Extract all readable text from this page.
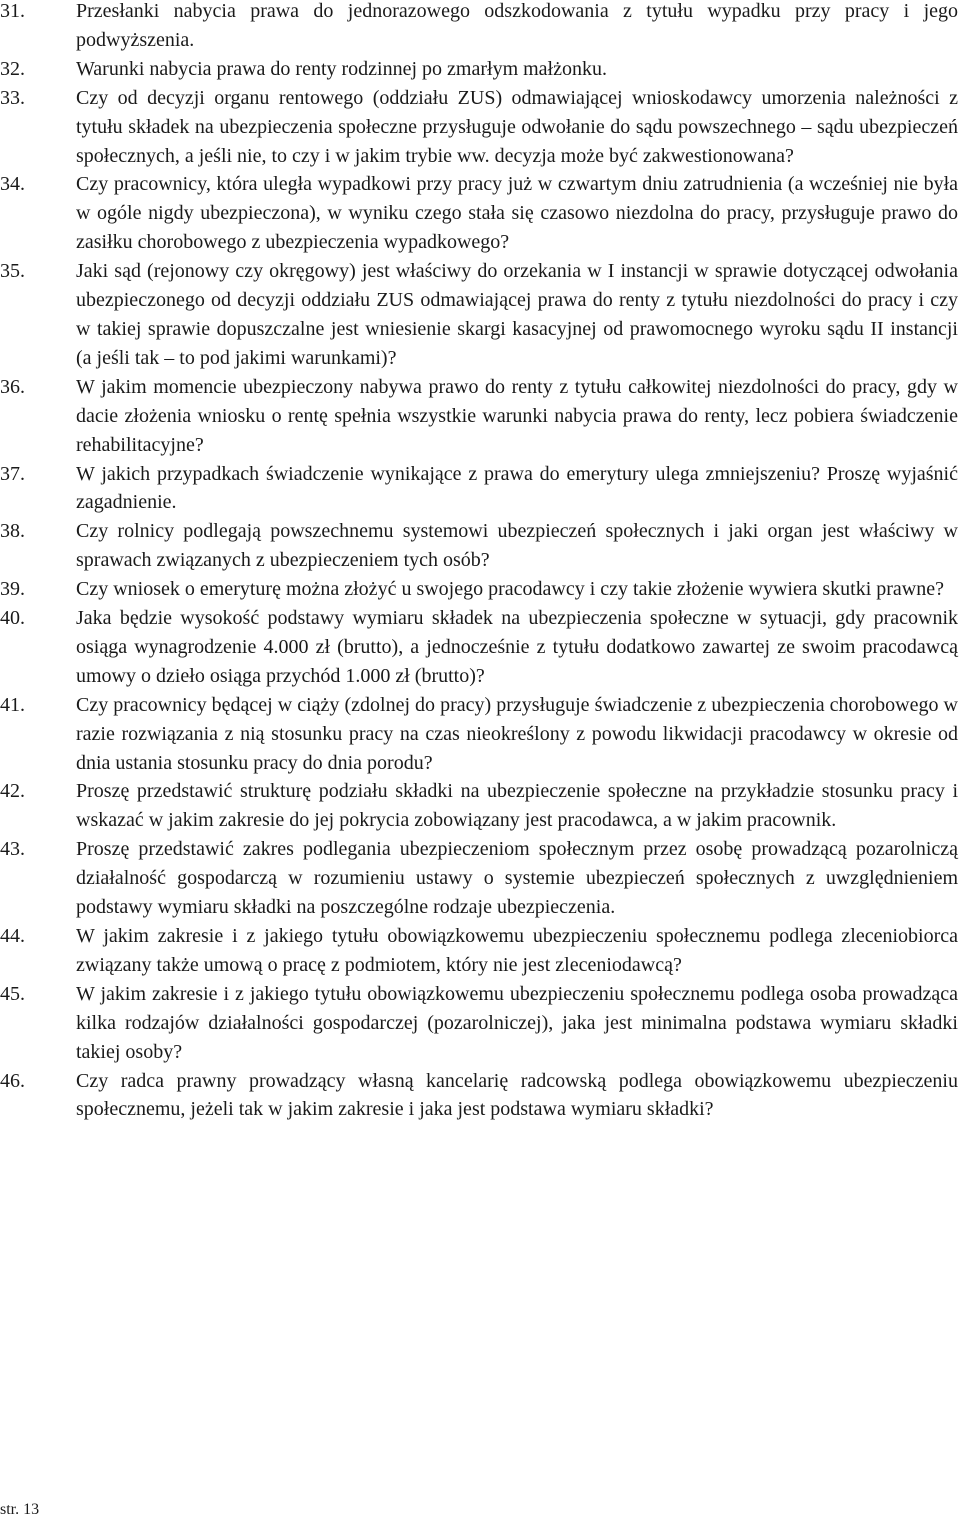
31.	Przesłanki nabycia prawa do jednorazowego odszkodowania z tytułu wypadku przy pracy i jego podwyższenia.
32.	Warunki nabycia prawa do renty rodzinnej po zmarłym małżonku.
33.	Czy od decyzji organu rentowego (oddziału ZUS) odmawiającej wnioskodawcy umorzenia należności z tytułu składek na ubezpieczenia społeczne przysługuje odwołanie do sądu powszechnego – sądu ubezpieczeń społecznych, a jeśli nie, to czy i w jakim trybie ww. decyzja może być zakwestionowana?
34.	Czy pracownicy, która uległa wypadkowi przy pracy już w czwartym dniu zatrudnienia (a wcześniej nie była w ogóle nigdy ubezpieczona), w wyniku czego stała się czasowo niezdolna do pracy, przysługuje prawo do zasiłku chorobowego z ubezpieczenia wypadkowego?
35.	Jaki sąd (rejonowy czy okręgowy) jest właściwy do orzekania w I instancji w sprawie dotyczącej odwołania ubezpieczonego od decyzji oddziału ZUS odmawiającej prawa do renty z tytułu niezdolności do pracy i czy w takiej sprawie dopuszczalne jest wniesienie skargi kasacyjnej od prawomocnego wyroku sądu II instancji (a jeśli tak – to pod jakimi warunkami)?
36.	W jakim momencie ubezpieczony nabywa prawo do renty z tytułu całkowitej niezdolności do pracy, gdy w dacie złożenia wniosku o rentę spełnia wszystkie warunki nabycia prawa do renty, lecz pobiera świadczenie rehabilitacyjne?
37.	W jakich przypadkach świadczenie wynikające z prawa do emerytury ulega zmniejszeniu? Proszę wyjaśnić zagadnienie.
38.	Czy rolnicy podlegają powszechnemu systemowi ubezpieczeń społecznych i jaki organ jest właściwy w sprawach związanych z ubezpieczeniem tych osób?
39.	Czy wniosek o emeryturę można złożyć u swojego pracodawcy i czy takie złożenie wywiera skutki prawne?
40.	Jaka będzie wysokość podstawy wymiaru składek na ubezpieczenia społeczne w sytuacji, gdy pracownik osiąga wynagrodzenie 4.000 zł (brutto), a jednocześnie z tytułu dodatkowo zawartej ze swoim pracodawcą umowy o dzieło osiąga przychód 1.000 zł (brutto)?
41.	Czy pracownicy będącej w ciąży (zdolnej do pracy) przysługuje świadczenie z ubezpieczenia chorobowego w razie rozwiązania z nią stosunku pracy na czas nieokreślony z powodu likwidacji pracodawcy w okresie od dnia ustania stosunku pracy do dnia porodu?
42.	Proszę przedstawić strukturę podziału składki na ubezpieczenie społeczne na przykładzie stosunku pracy i wskazać w jakim zakresie do jej pokrycia zobowiązany jest pracodawca, a w jakim pracownik.
43.	Proszę przedstawić zakres podlegania ubezpieczeniom społecznym przez osobę prowadzącą pozarolniczą działalność gospodarczą w rozumieniu ustawy o systemie ubezpieczeń społecznych z uwzględnieniem podstawy wymiaru składki na poszczególne rodzaje ubezpieczenia.
44.	W jakim zakresie i z jakiego tytułu obowiązkowemu ubezpieczeniu społecznemu podlega zleceniobiorca związany także umową o pracę z podmiotem, który nie jest zleceniodawcą?
45.	W jakim zakresie i z jakiego tytułu obowiązkowemu ubezpieczeniu społecznemu podlega osoba prowadząca kilka rodzajów działalności gospodarczej (pozarolniczej), jaka jest minimalna podstawa wymiaru składki takiej osoby?
46.	Czy radca prawny prowadzący własną kancelarię radcowską podlega obowiązkowemu ubezpieczeniu społecznemu, jeżeli tak w jakim zakresie i jaka jest podstawa wymiaru składki?
str. 13
